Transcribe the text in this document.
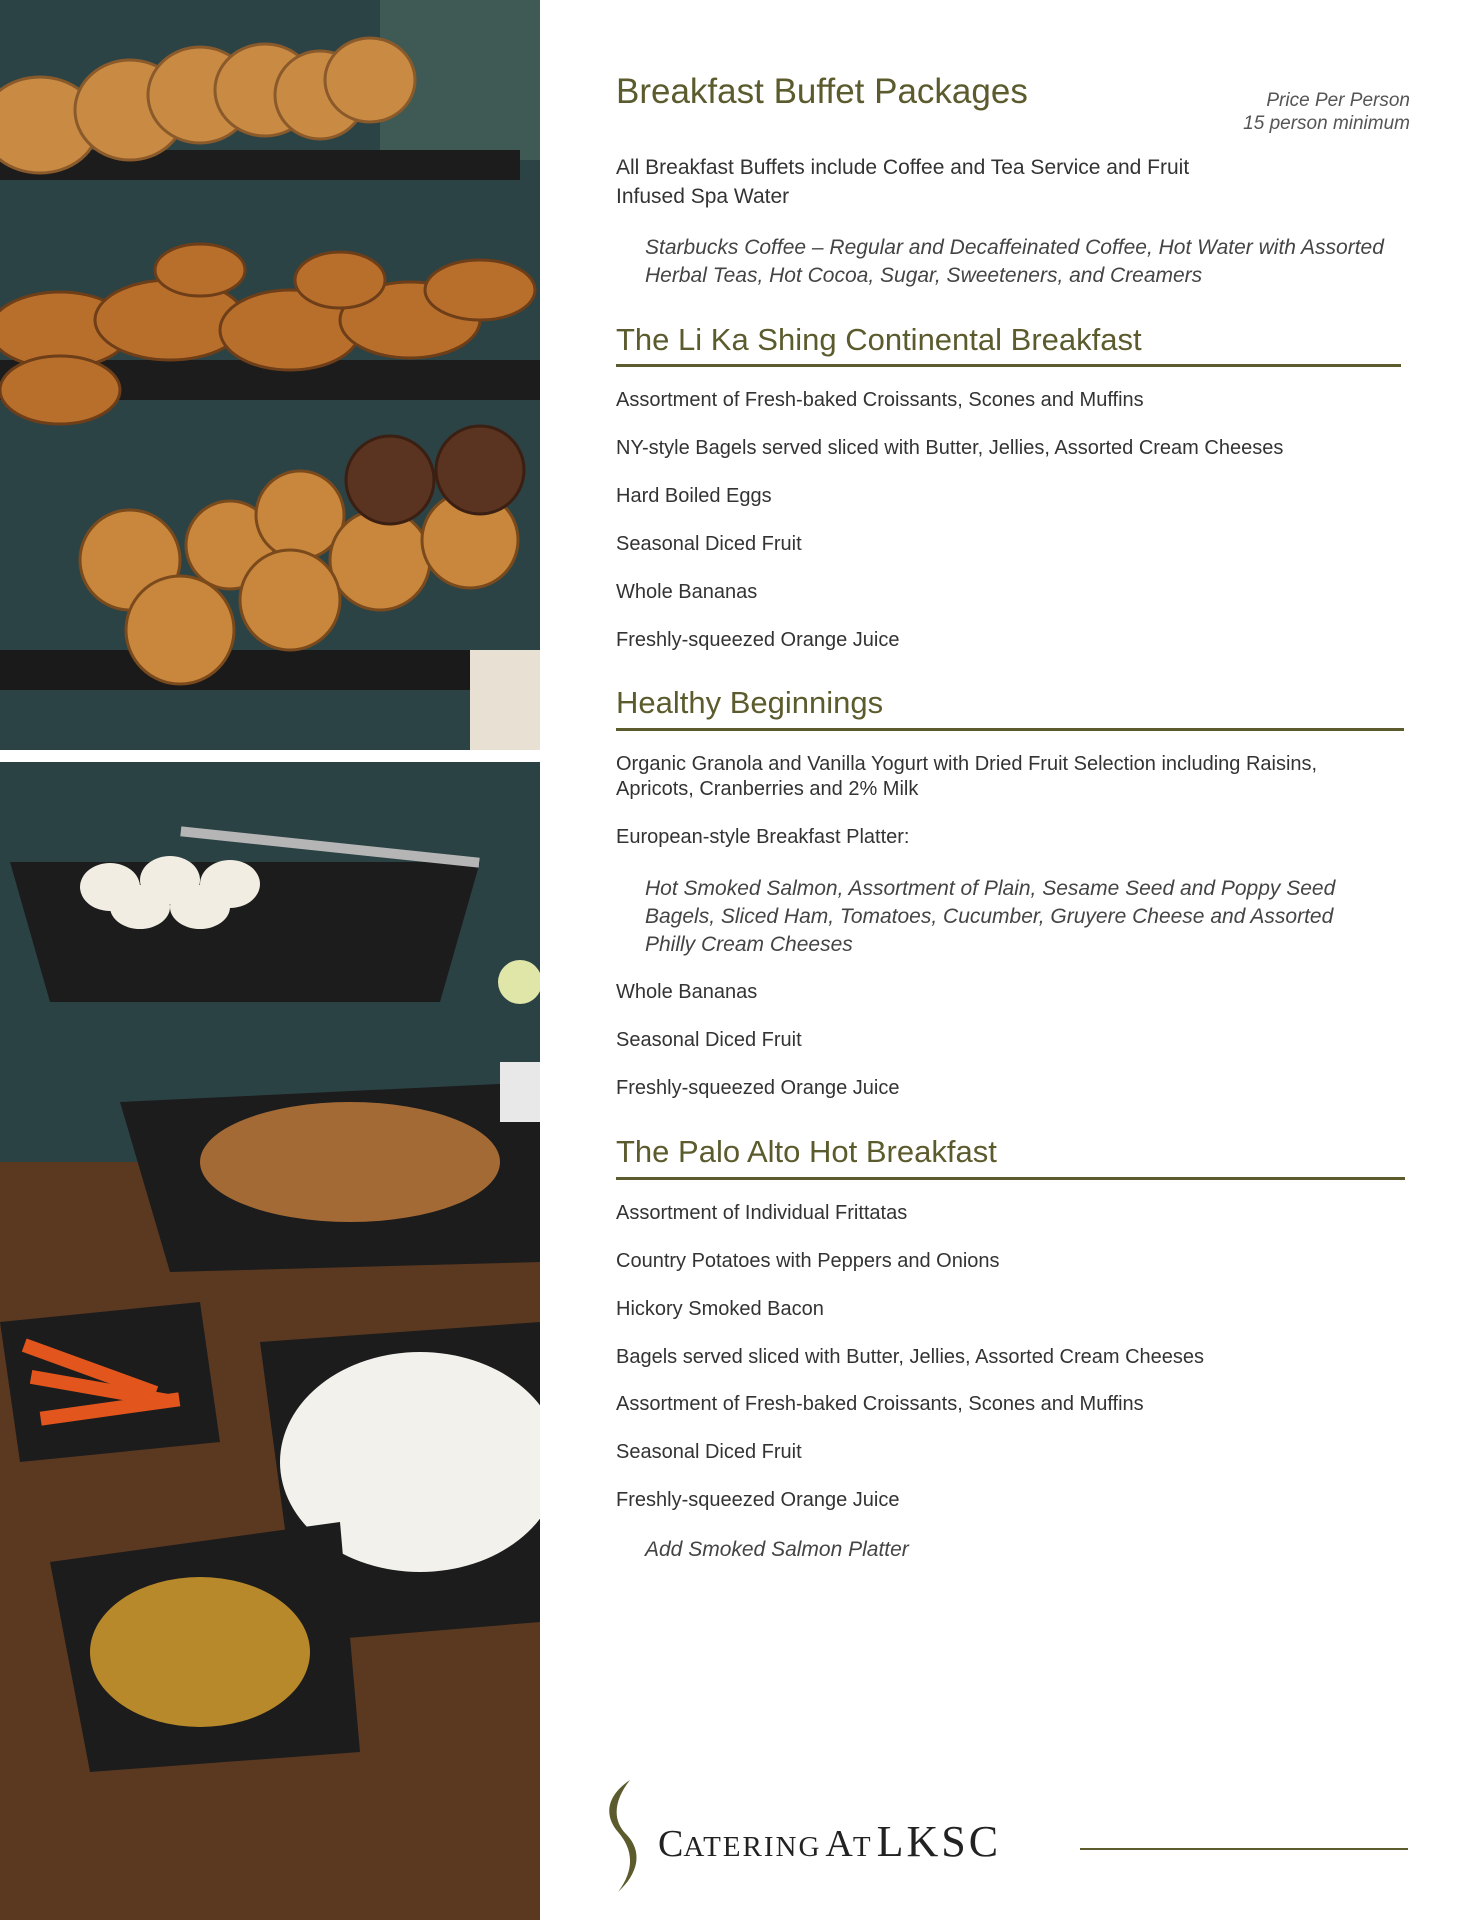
Breakfast Buffet Packages	Price Per Person
15 person minimum

All Breakfast Buffets include Coffee and Tea Service and Fruit Infused Spa Water

Starbucks Coffee – Regular and Decaffeinated Coffee, Hot Water with Assorted Herbal Teas, Hot Cocoa, Sugar, Sweeteners, and Creamers

The Li Ka Shing Continental Breakfast

Assortment of Fresh-baked Croissants, Scones and Muffins

NY-style Bagels served sliced with Butter, Jellies, Assorted Cream Cheeses

Hard Boiled Eggs

Seasonal Diced Fruit

Whole Bananas

Freshly-squeezed Orange Juice

Healthy Beginnings

Organic Granola and Vanilla Yogurt with Dried Fruit Selection including Raisins, Apricots, Cranberries and 2% Milk

European-style Breakfast Platter:

Hot Smoked Salmon, Assortment of Plain, Sesame Seed and Poppy Seed Bagels, Sliced Ham, Tomatoes, Cucumber, Gruyere Cheese and Assorted Philly Cream Cheeses

Whole Bananas

Seasonal Diced Fruit

Freshly-squeezed Orange Juice

The Palo Alto Hot Breakfast

Assortment of Individual Frittatas

Country Potatoes with Peppers and Onions

Hickory Smoked Bacon

Bagels served sliced with Butter, Jellies, Assorted Cream Cheeses

Assortment of Fresh-baked Croissants, Scones and Muffins

Seasonal Diced Fruit

Freshly-squeezed Orange Juice

Add Smoked Salmon Platter

CATERING AT LKSC
